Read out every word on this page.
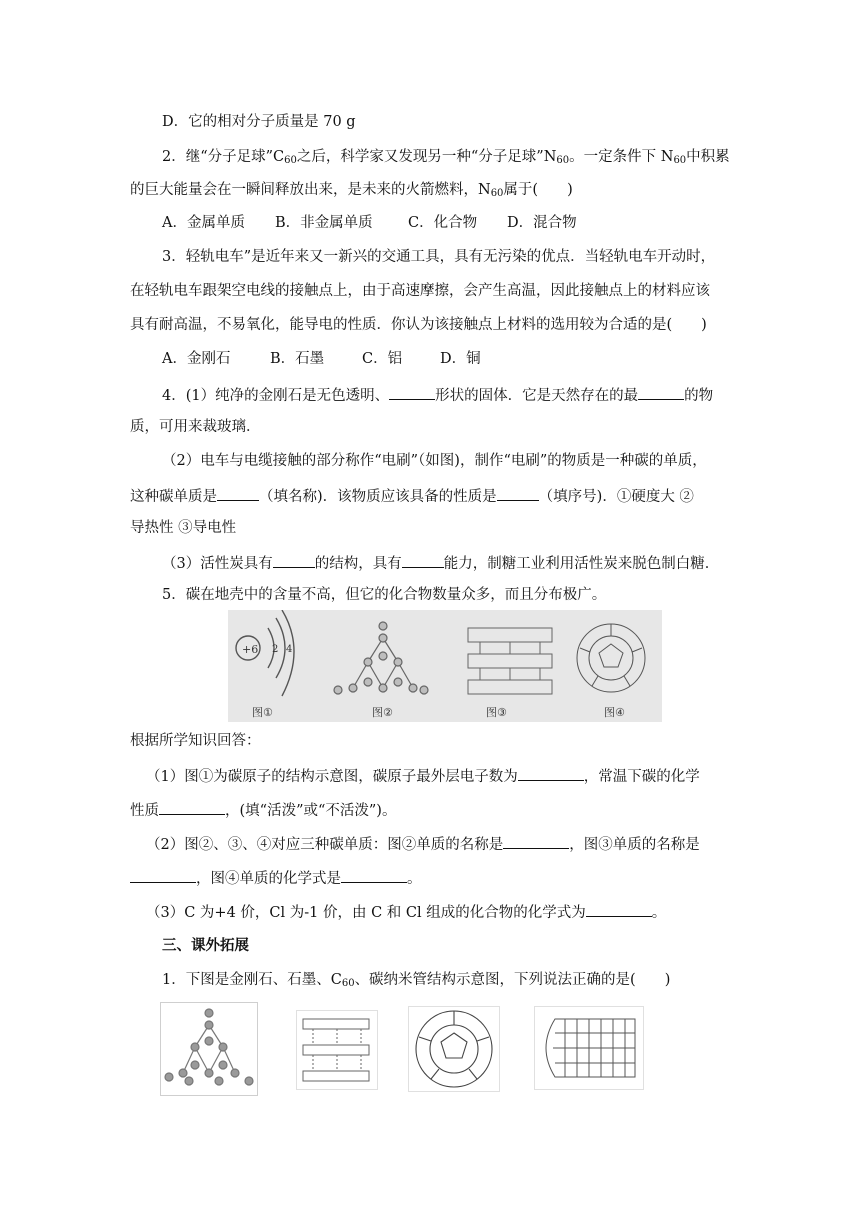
D．它的相对分子质量是 70 g
2．继“分子足球$”C_{60}$之后，科学家又发现另一种“分子足球$”N_{60}$。一定条件下 $N_{60}$中积累
的巨大能量会在一瞬间释放出来，是未来的火箭燃料，$N_{60}$属于(　　)
A．金属单质 B．非金属单质 C．化合物 D．混合物
3．轻轨电车”是近年来又一新兴的交通工具，具有无污染的优点．当轻轨电车开动时，
在轻轨电车跟架空电线的接触点上，由于高速摩擦，会产生高温，因此接触点上的材料应该
具有耐高温，不易氧化，能导电的性质．你认为该接触点上材料的选用较为合适的是(　　)
A．金刚石	B．石墨	C．铝	D．铜
4．(1）纯净的金刚石是无色透明、	形状的固体．它是天然存在的最	的物
质，可用来裁玻璃．
（2）电车与电缆接触的部分称作“电刷”（如图)，制作“电刷”的物质是一种碳的单质，
这种碳单质是	（填名称)．该物质应该具备的性质是	（填序号)．①硬度大 ②
导热性 ③导电性
（3）活性炭具有	的结构，具有	能力，制糖工业利用活性炭来脱色制白糖．
5．碳在地壳中的含量不高，但它的化合物数量众多，而且分布极广。
+6 2 4
图①	图②	图③	图④
根据所学知识回答：
（1）图①为碳原子的结构示意图，碳原子最外层电子数为	，常温下碳的化学
性质	，(填“活泼”或“不活泼”)。
（2）图②、③、④对应三种碳单质：图②单质的名称是	，图③单质的名称是
，图④单质的化学式是	。
（3）C 为+4 价，Cl 为-1 价，由 C 和 Cl 组成的化合物的化学式为	。
三、课外拓展
1．下图是金刚石、石墨、$C_{60}$、碳纳米管结构示意图，下列说法正确的是(　　)
